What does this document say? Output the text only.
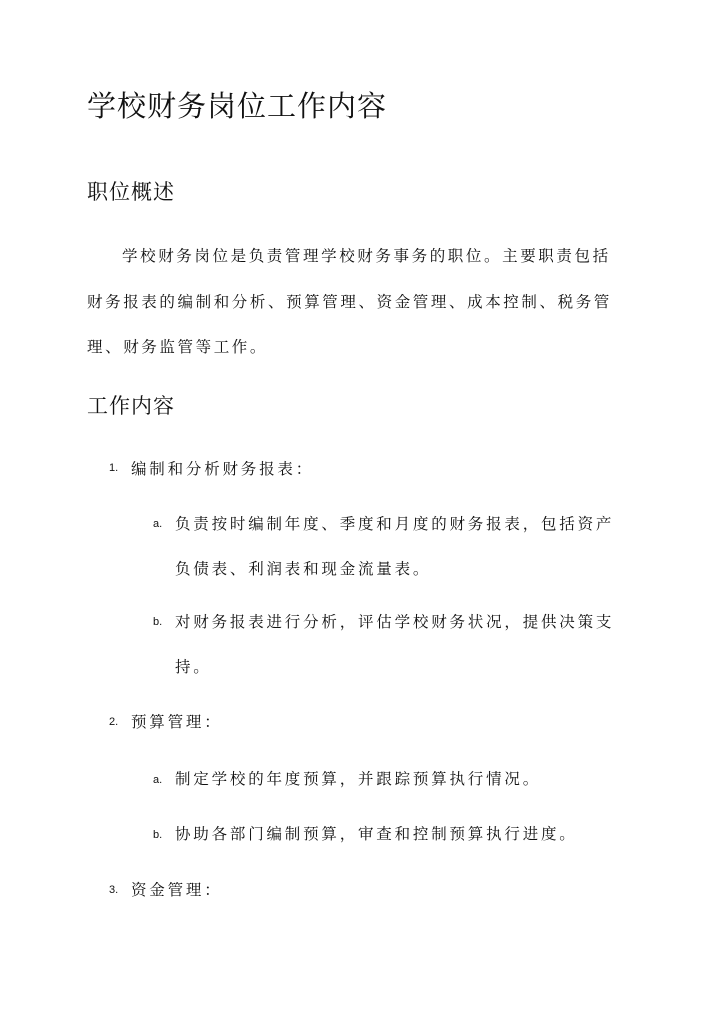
学校财务岗位工作内容
职位概述

学校财务岗位是负责管理学校财务事务的职位。主要职责包括

财务报表的编制和分析、预算管理、资金管理、成本控制、税务管

理、财务监管等工作。

工作内容
1. 编制和分析财务报表：
a. 负责按时编制年度、季度和月度的财务报表，包括资产
负债表、利润表和现金流量表。
b. 对财务报表进行分析，评估学校财务状况，提供决策支
持。
2. 预算管理：
a. 制定学校的年度预算，并跟踪预算执行情况。
b. 协助各部门编制预算，审查和控制预算执行进度。
3. 资金管理：
